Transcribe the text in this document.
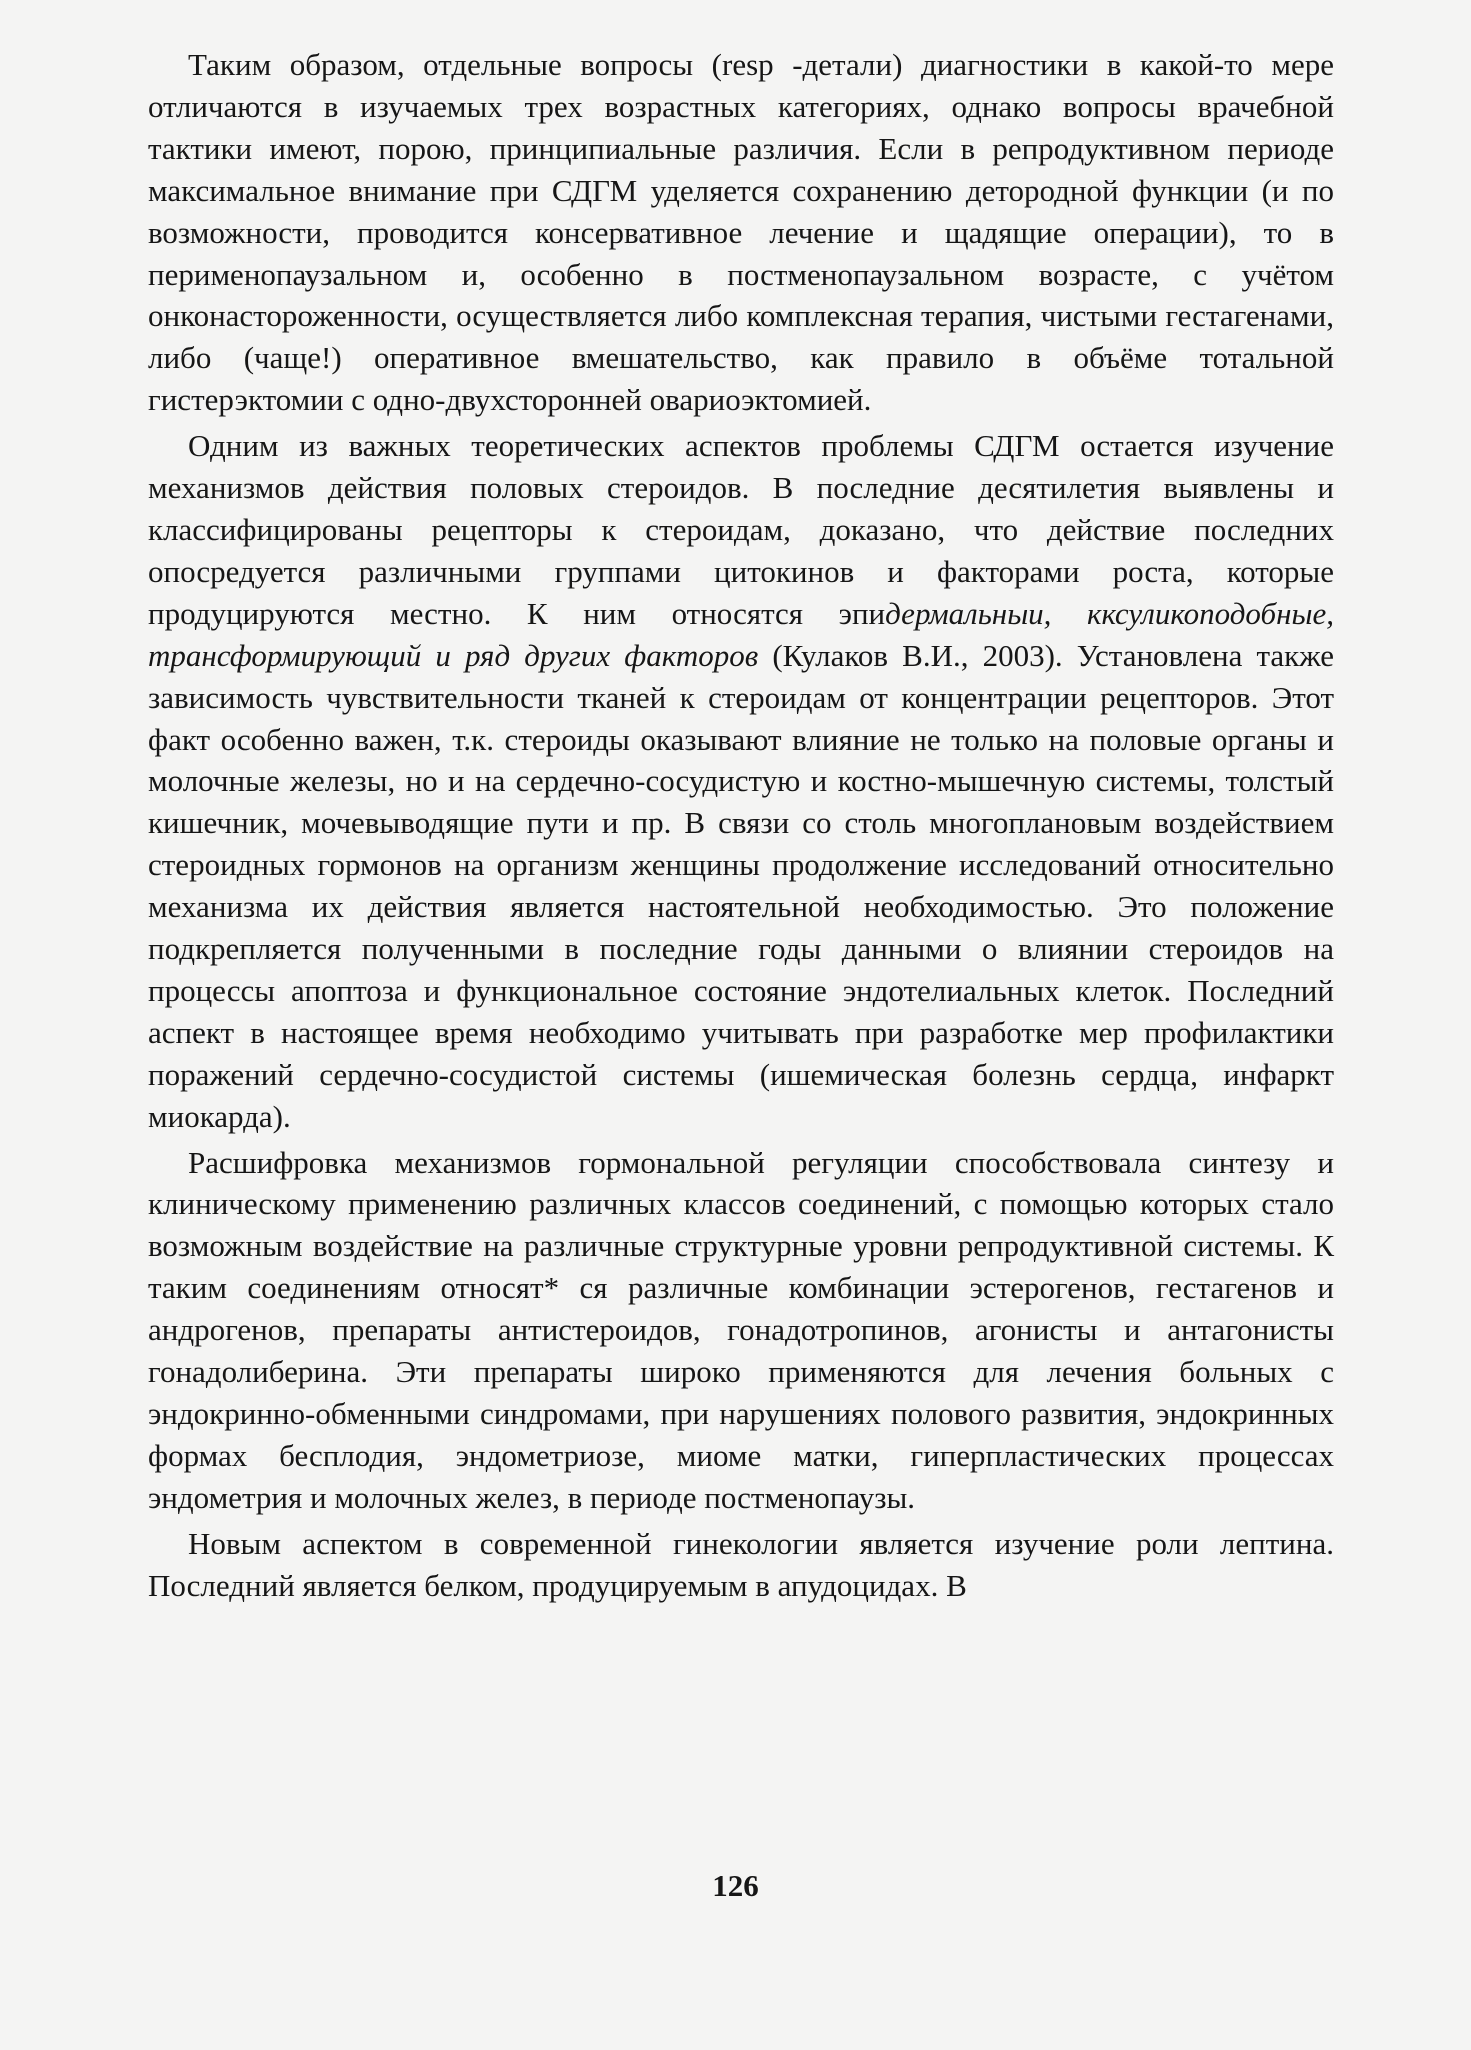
Таким образом, отдельные вопросы (resp -детали) диагностики в какой-то мере отличаются в изучаемых трех возрастных категориях, однако вопросы врачебной тактики имеют, порою, принципиальные различия. Если в репродуктивном периоде максимальное внимание при СДГМ уделяется сохранению детородной функции (и по возможности, проводится консервативное лечение и щадящие операции), то в перименопаузальном и, особенно в постменопаузальном возрасте, с учётом онконастороженности, осуществляется либо комплексная терапия, чистыми гестагенами, либо (чаще!) оперативное вмешательство, как правило в объёме тотальной гистерэктомии с одно-двухсторонней овариоэктомией.

Одним из важных теоретических аспектов проблемы СДГМ остается изучение механизмов действия половых стероидов. В последние десятилетия выявлены и классифицированы рецепторы к стероидам, доказано, что действие последних опосредуется различными группами цитокинов и факторами роста, которые продуцируются местно. К ним относятся эпидермальныи, кксуликоподобные, трансформирующий и ряд других факторов (Кулаков В.И., 2003). Установлена также зависимость чувствительности тканей к стероидам от концентрации рецепторов. Этот факт особенно важен, т.к. стероиды оказывают влияние не только на половые органы и молочные железы, но и на сердечно-сосудистую и костно-мышечную системы, толстый кишечник, мочевыводящие пути и пр. В связи со столь многоплановым воздействием стероидных гормонов на организм женщины продолжение исследований относительно механизма их действия является настоятельной необходимостью. Это положение подкрепляется полученными в последние годы данными о влиянии стероидов на процессы апоптоза и функциональное состояние эндотелиальных клеток. Последний аспект в настоящее время необходимо учитывать при разработке мер профилактики поражений сердечно-сосудистой системы (ишемическая болезнь сердца, инфаркт миокарда).

Расшифровка механизмов гормональной регуляции способствовала синтезу и клиническому применению различных классов соединений, с помощью которых стало возможным воздействие на различные структурные уровни репродуктивной системы. К таким соединениям относят* ся различные комбинации эстерогенов, гестагенов и андрогенов, препараты антистероидов, гонадотропинов, агонисты и антагонисты гонадолиберина. Эти препараты широко применяются для лечения больных с эндокринно-обменными синдромами, при нарушениях полового развития, эндокринных формах бесплодия, эндометриозе, миоме матки, гиперпластических процессах эндометрия и молочных желез, в периоде постменопаузы.

Новым аспектом в современной гинекологии является изучение роли лептина. Последний является белком, продуцируемым в апудоцидах. В

126
